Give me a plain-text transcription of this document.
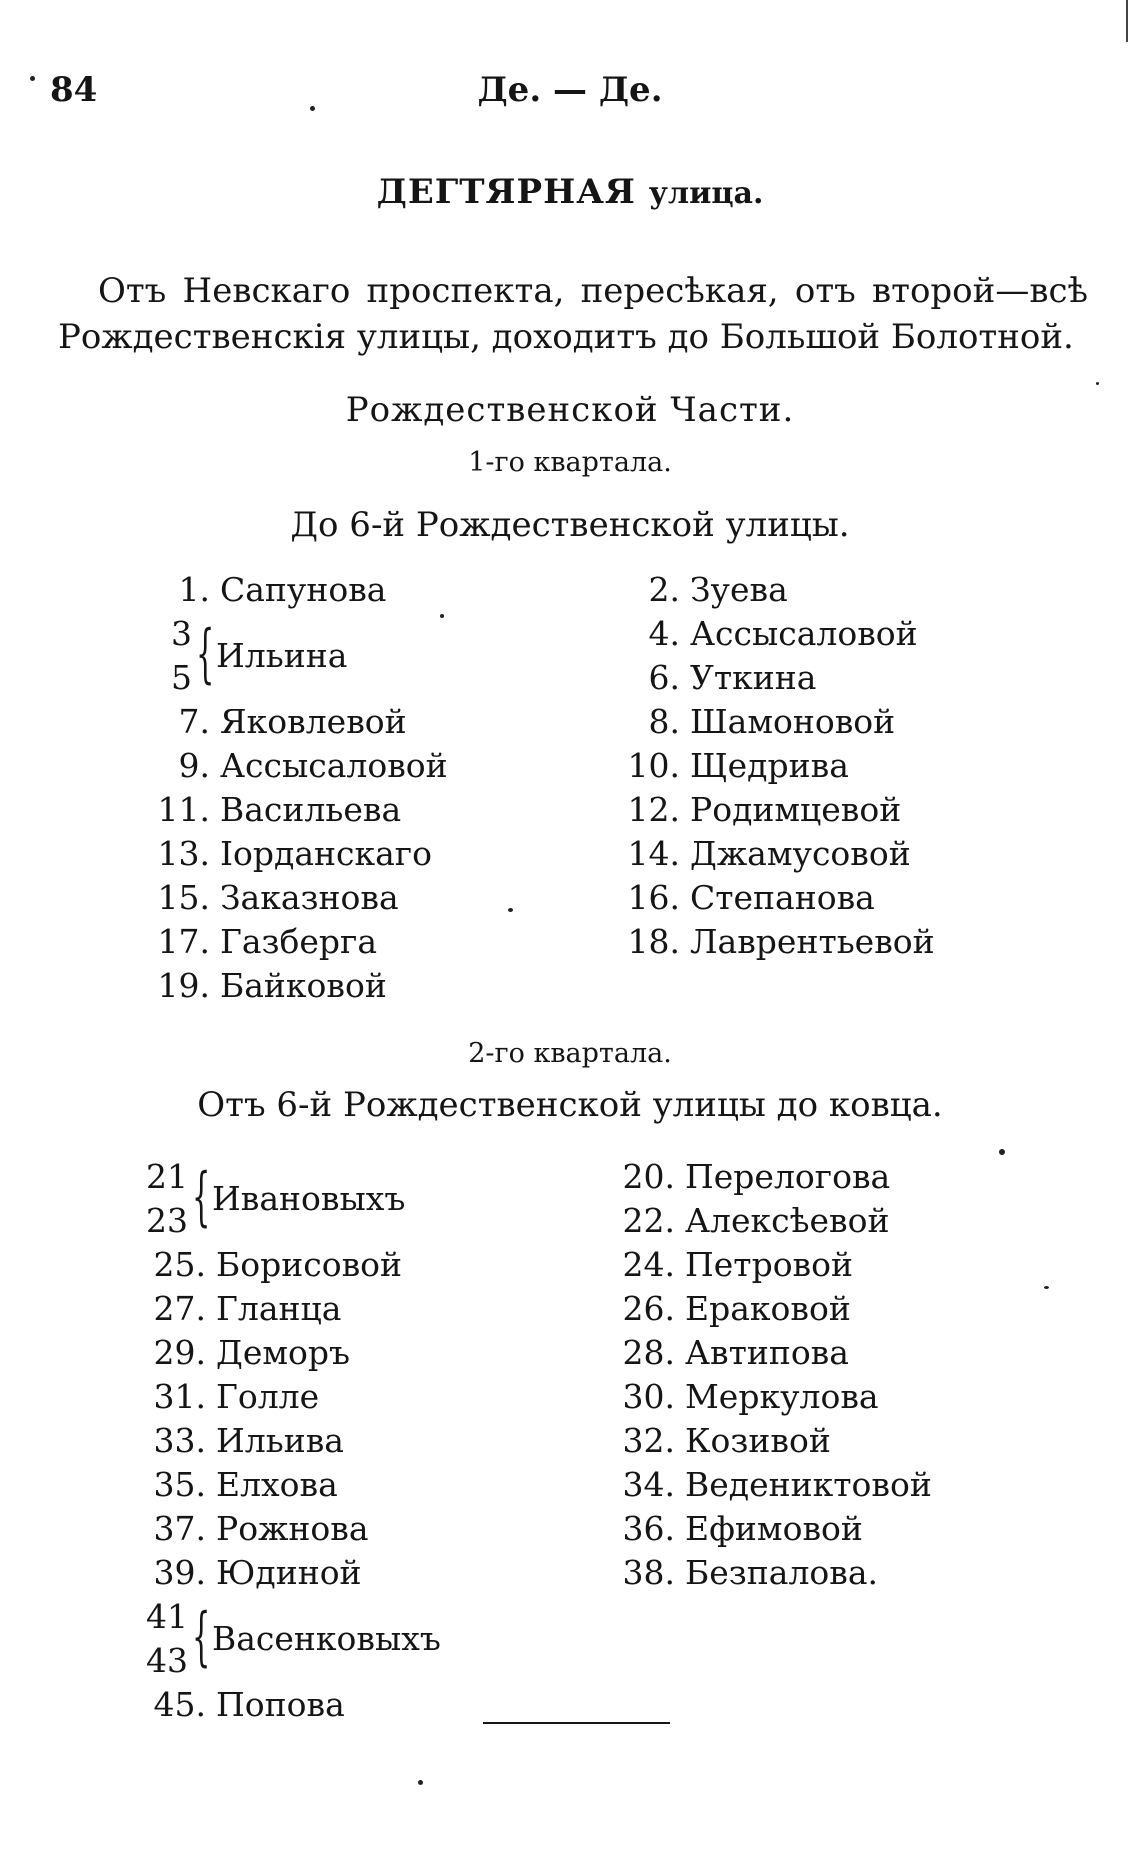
84	Де. — Де.
ДЕГТЯРНАЯ улица.
Отъ Невскаго проспекта, пересѣкая, отъ второй—всѣ Рождественскія улицы, доходитъ до Большой Болотной.
Рождественской Части.
1-го квартала.
До 6-й Рождественской улицы.
1. Сапунова
3
5 { Ильина
7. Яковлевой
9. Ассысаловой
11. Васильева
13. Іорданскаго
15. Заказнова
17. Газберга
19. Байковой
2. Зуева
4. Ассысаловой
6. Уткина
8. Шамоновой
10. Щедрива
12. Родимцевой
14. Джамусовой
16. Степанова
18. Лаврентьевой
2-го квартала.
Отъ 6-й Рождественской улицы до ковца.
21
23 { Ивановыхъ
25. Борисовой
27. Гланца
29. Деморъ
31. Голле
33. Ильива
35. Елхова
37. Рожнова
39. Юдиной
41
43 { Васенковыхъ
45. Попова
20. Перелогова
22. Алексѣевой
24. Петровой
26. Ераковой
28. Автипова
30. Меркулова
32. Козивой
34. Ведениктовой
36. Ефимовой
38. Безпалова.
